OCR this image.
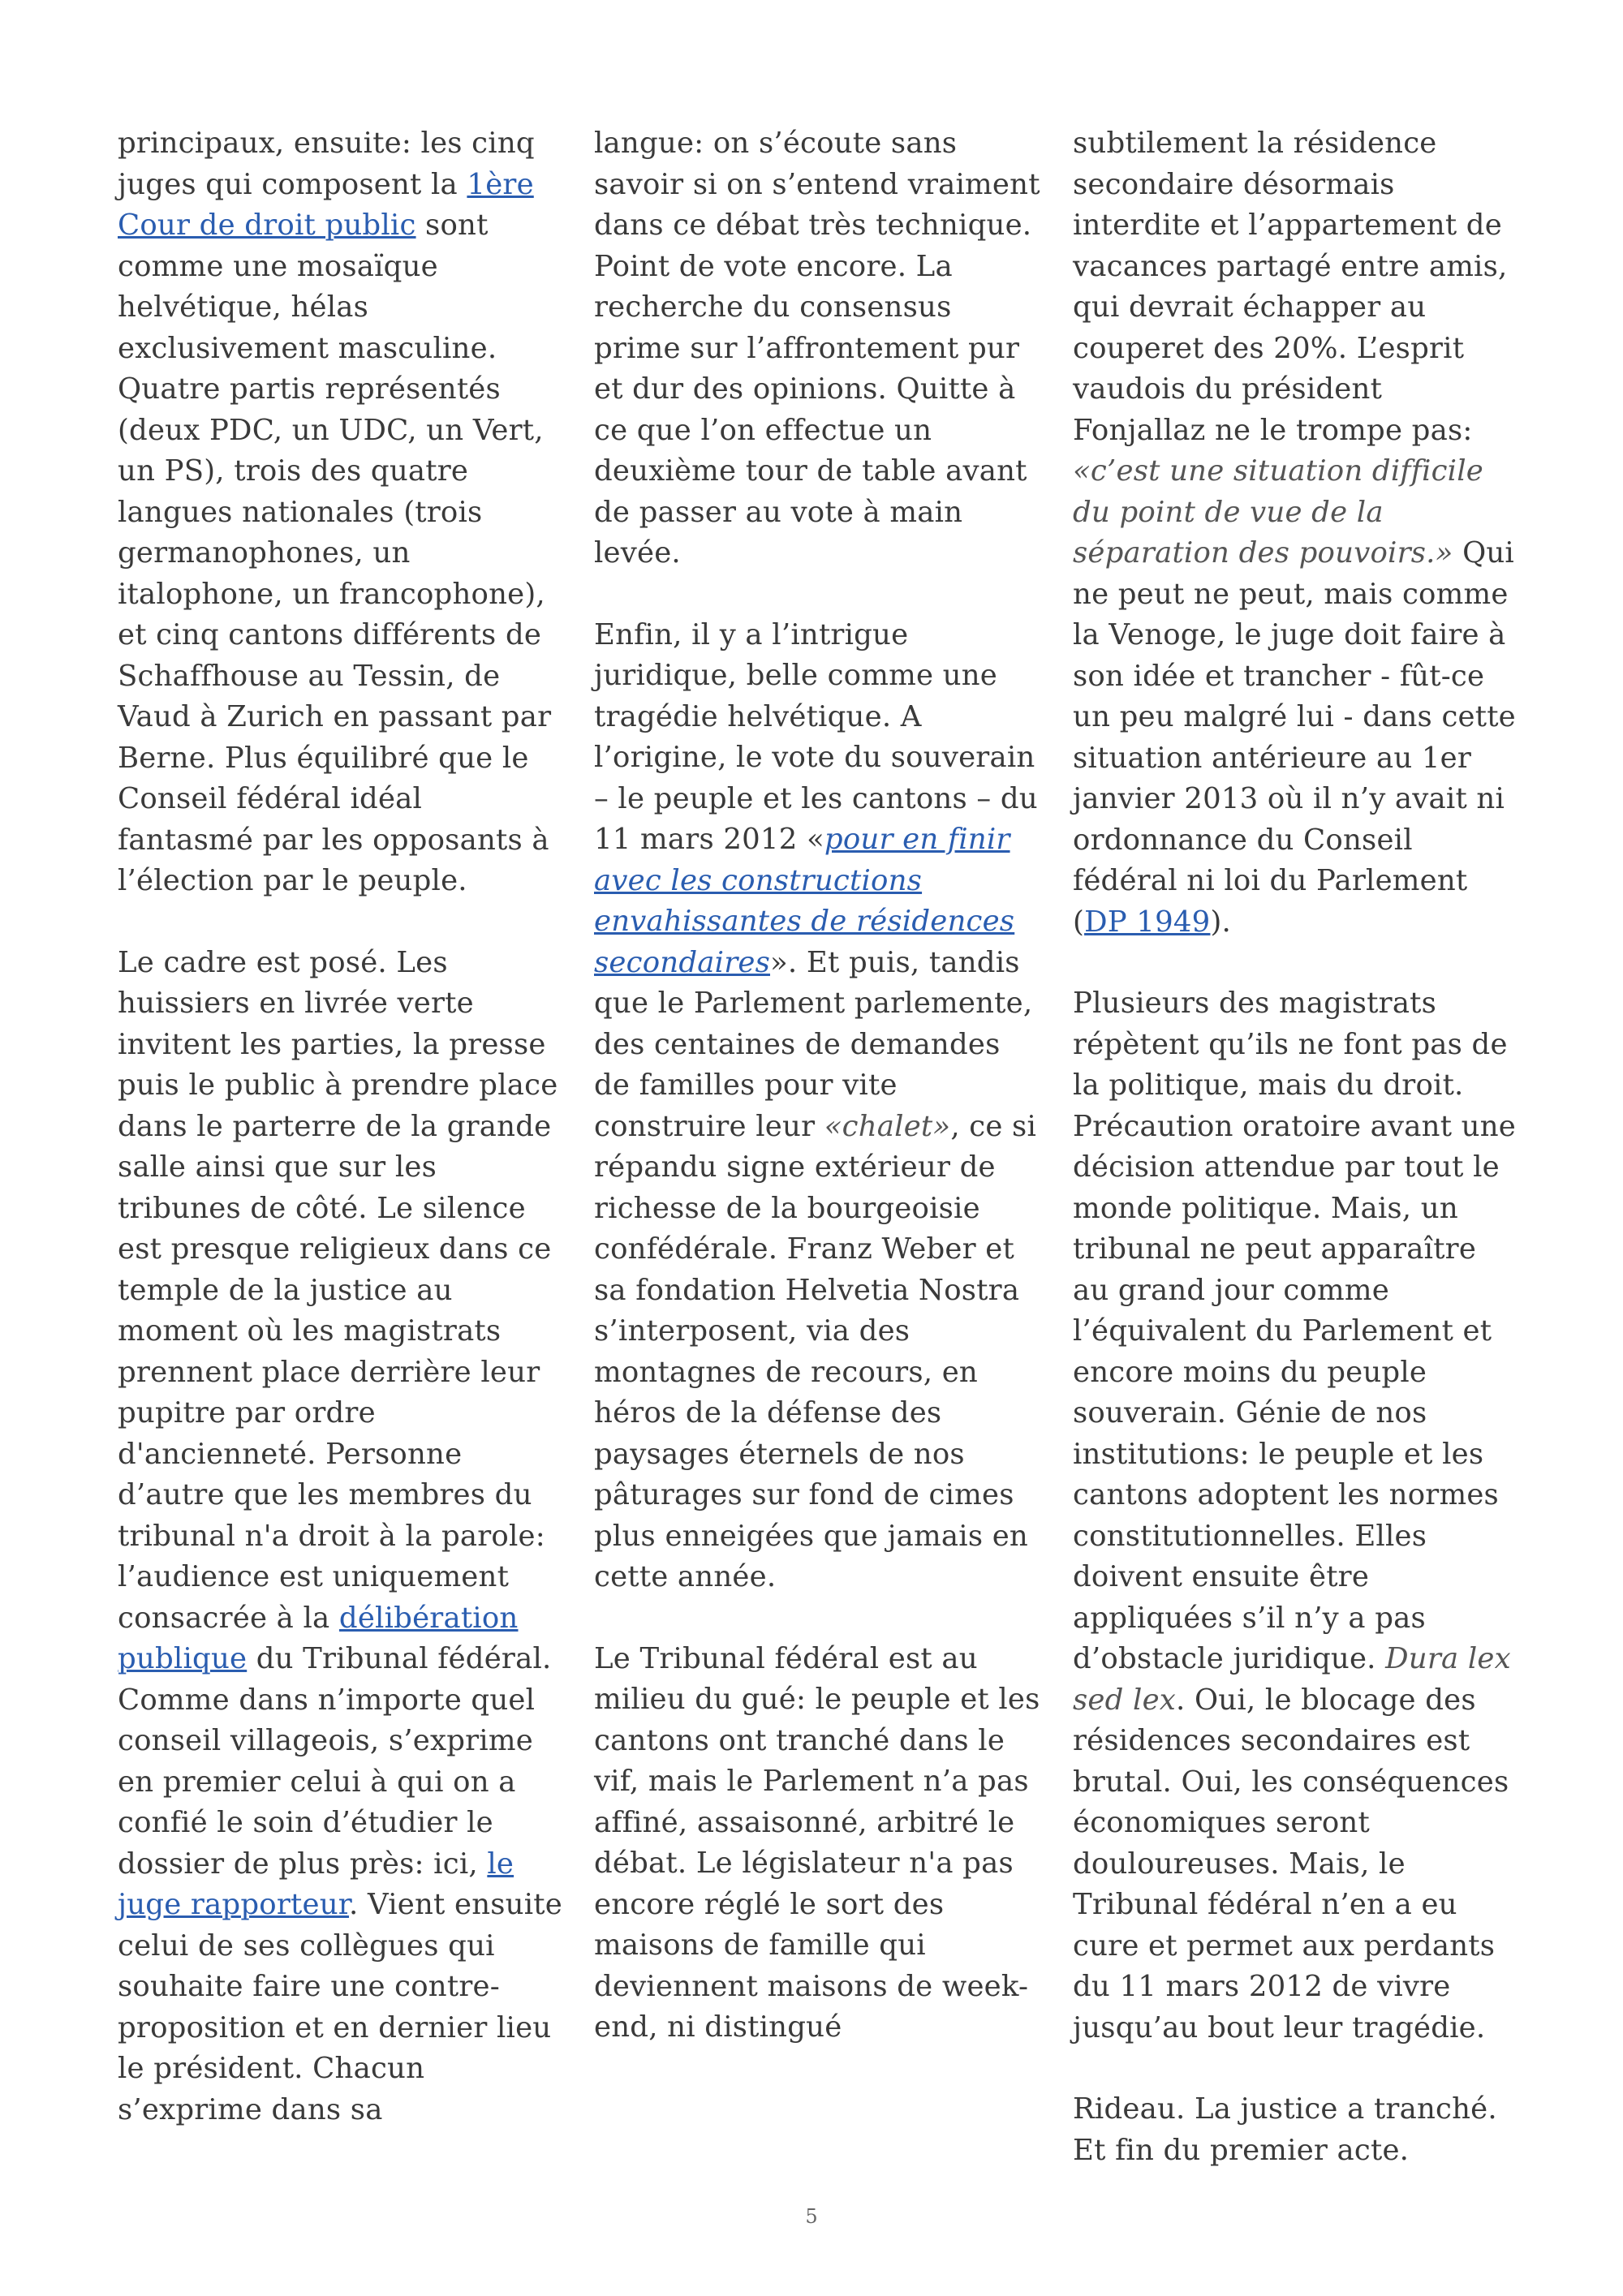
principaux, ensuite: les cinq juges qui composent la 1ère Cour de droit public sont comme une mosaïque helvétique, hélas exclusivement masculine. Quatre partis représentés (deux PDC, un UDC, un Vert, un PS), trois des quatre langues nationales (trois germanophones, un italophone, un francophone), et cinq cantons différents de Schaffhouse au Tessin, de Vaud à Zurich en passant par Berne. Plus équilibré que le Conseil fédéral idéal fantasmé par les opposants à l’élection par le peuple.

Le cadre est posé. Les huissiers en livrée verte invitent les parties, la presse puis le public à prendre place dans le parterre de la grande salle ainsi que sur les tribunes de côté. Le silence est presque religieux dans ce temple de la justice au moment où les magistrats prennent place derrière leur pupitre par ordre d'ancienneté. Personne d’autre que les membres du tribunal n'a droit à la parole: l’audience est uniquement consacrée à la délibération publique du Tribunal fédéral. Comme dans n’importe quel conseil villageois, s’exprime en premier celui à qui on a confié le soin d’étudier le dossier de plus près: ici, le juge rapporteur. Vient ensuite celui de ses collègues qui souhaite faire une contre-proposition et en dernier lieu le président. Chacun s’exprime dans sa

langue: on s’écoute sans savoir si on s’entend vraiment dans ce débat très technique. Point de vote encore. La recherche du consensus prime sur l’affrontement pur et dur des opinions. Quitte à ce que l’on effectue un deuxième tour de table avant de passer au vote à main levée.

Enfin, il y a l’intrigue juridique, belle comme une tragédie helvétique. A l’origine, le vote du souverain – le peuple et les cantons – du 11 mars 2012 «pour en finir avec les constructions envahissantes de résidences secondaires». Et puis, tandis que le Parlement parlemente, des centaines de demandes de familles pour vite construire leur «chalet», ce si répandu signe extérieur de richesse de la bourgeoisie confédérale. Franz Weber et sa fondation Helvetia Nostra s’interposent, via des montagnes de recours, en héros de la défense des paysages éternels de nos pâturages sur fond de cimes plus enneigées que jamais en cette année.

Le Tribunal fédéral est au milieu du gué: le peuple et les cantons ont tranché dans le vif, mais le Parlement n’a pas affiné, assaisonné, arbitré le débat. Le législateur n'a pas encore réglé le sort des maisons de famille qui deviennent maisons de week-end, ni distingué

subtilement la résidence secondaire désormais interdite et l’appartement de vacances partagé entre amis, qui devrait échapper au couperet des 20%. L’esprit vaudois du président Fonjallaz ne le trompe pas: «c’est une situation difficile du point de vue de la séparation des pouvoirs.» Qui ne peut ne peut, mais comme la Venoge, le juge doit faire à son idée et trancher - fût-ce un peu malgré lui - dans cette situation antérieure au 1er janvier 2013 où il n’y avait ni ordonnance du Conseil fédéral ni loi du Parlement (DP 1949).

Plusieurs des magistrats répètent qu’ils ne font pas de la politique, mais du droit. Précaution oratoire avant une décision attendue par tout le monde politique. Mais, un tribunal ne peut apparaître au grand jour comme l’équivalent du Parlement et encore moins du peuple souverain. Génie de nos institutions: le peuple et les cantons adoptent les normes constitutionnelles. Elles doivent ensuite être appliquées s’il n’y a pas d’obstacle juridique. Dura lex sed lex. Oui, le blocage des résidences secondaires est brutal. Oui, les conséquences économiques seront douloureuses. Mais, le Tribunal fédéral n’en a eu cure et permet aux perdants du 11 mars 2012 de vivre jusqu’au bout leur tragédie.

Rideau. La justice a tranché. Et fin du premier acte.

5
